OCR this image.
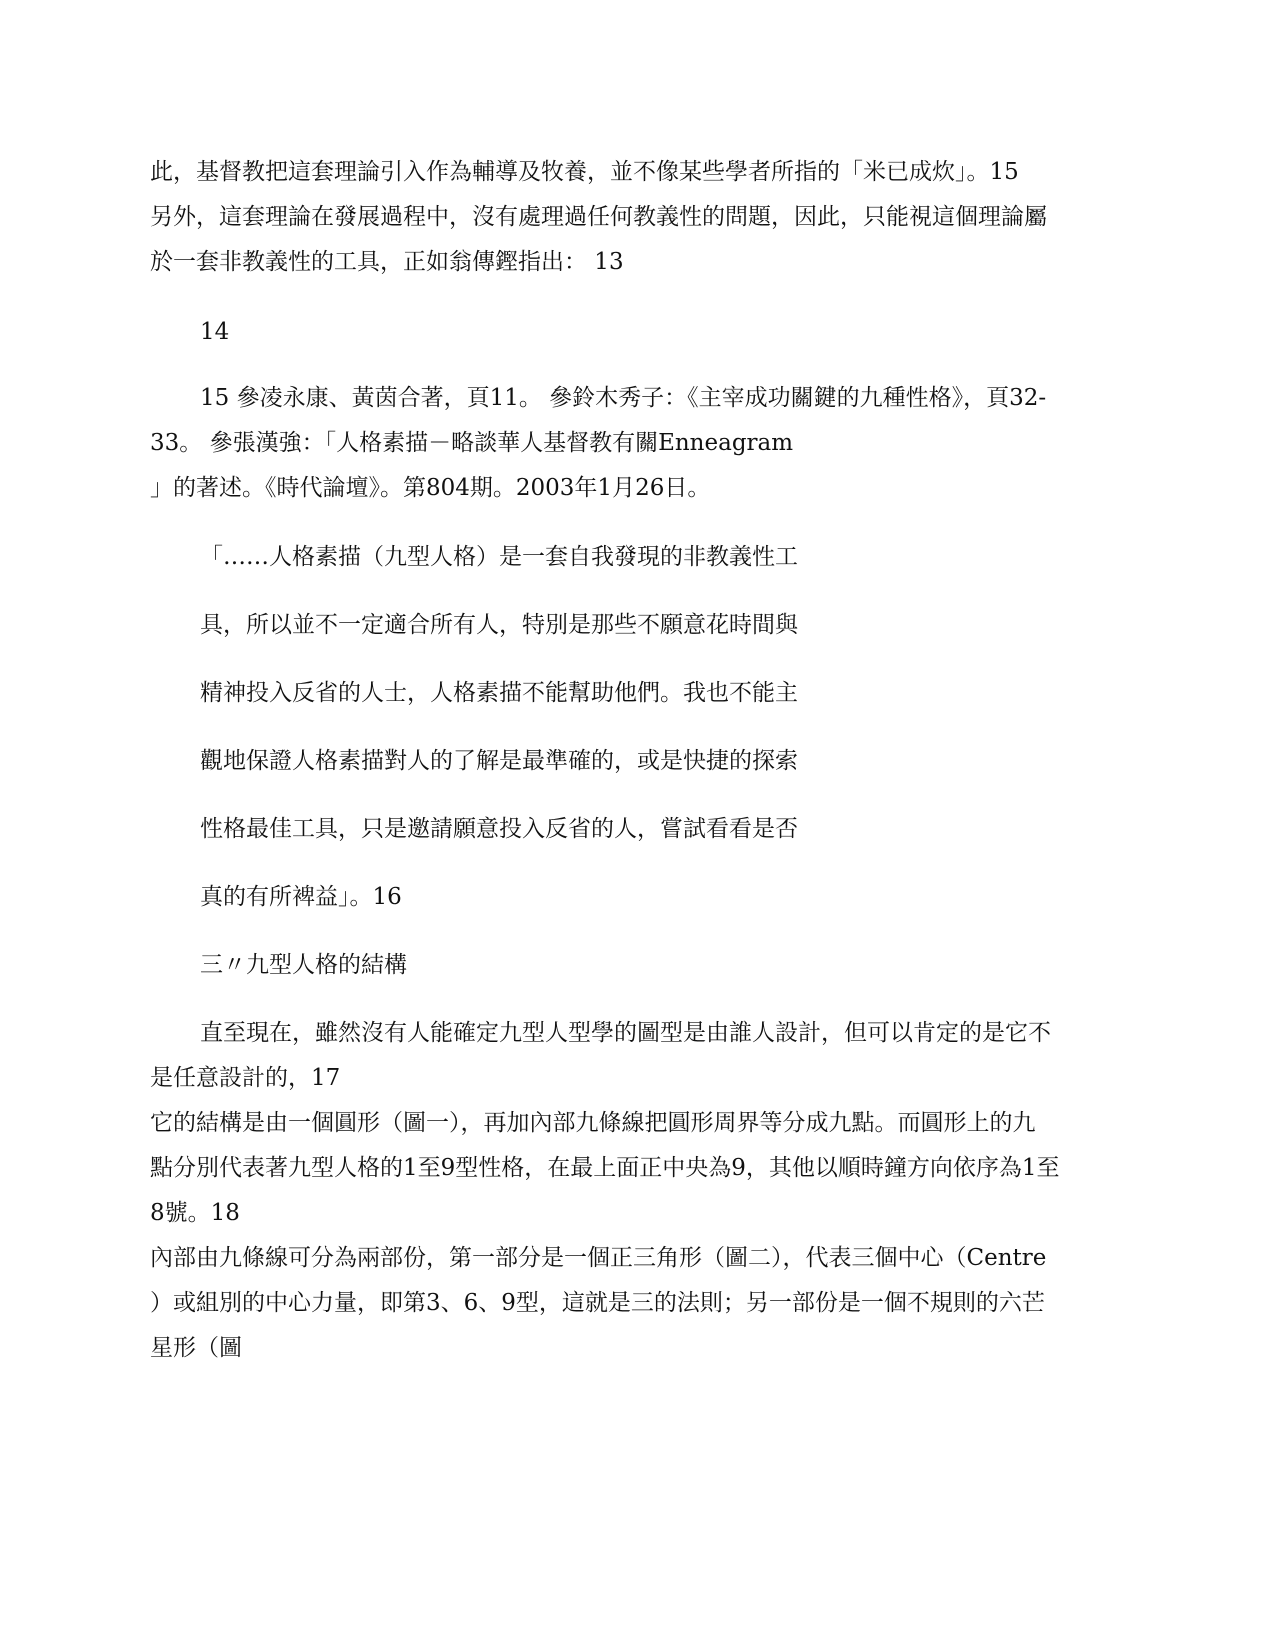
此，基督教把這套理論引入作為輔導及牧養，並不像某些學者所指的「米已成炊」。15

另外，這套理論在發展過程中，沒有處理過任何教義性的問題，因此，只能視這個理論屬

於一套非教義性的工具，正如翁傳鏗指出： 13

14

15 參凌永康、黃茵合著，頁11。 參鈴木秀子：《主宰成功關鍵的九種性格》，頁32-

33。 參張漢強：「人格素描－略談華人基督教有關Enneagram

」的著述。《時代論壇》。第804期。2003年1月26日。

「……人格素描（九型人格）是一套自我發現的非教義性工

具，所以並不一定適合所有人，特別是那些不願意花時間與

精神投入反省的人士，人格素描不能幫助他們。我也不能主

觀地保證人格素描對人的了解是最準確的，或是快捷的探索

性格最佳工具，只是邀請願意投入反省的人，嘗試看看是否

真的有所裨益」。16

三〃九型人格的結構

直至現在，雖然沒有人能確定九型人型學的圖型是由誰人設計，但可以肯定的是它不

是任意設計的，17

它的結構是由一個圓形（圖一），再加內部九條線把圓形周界等分成九點。而圓形上的九

點分別代表著九型人格的1至9型性格，在最上面正中央為9，其他以順時鐘方向依序為1至

8號。18

內部由九條線可分為兩部份，第一部分是一個正三角形（圖二），代表三個中心（Centre

）或組別的中心力量，即第3、6、9型，這就是三的法則；另一部份是一個不規則的六芒

星形（圖
